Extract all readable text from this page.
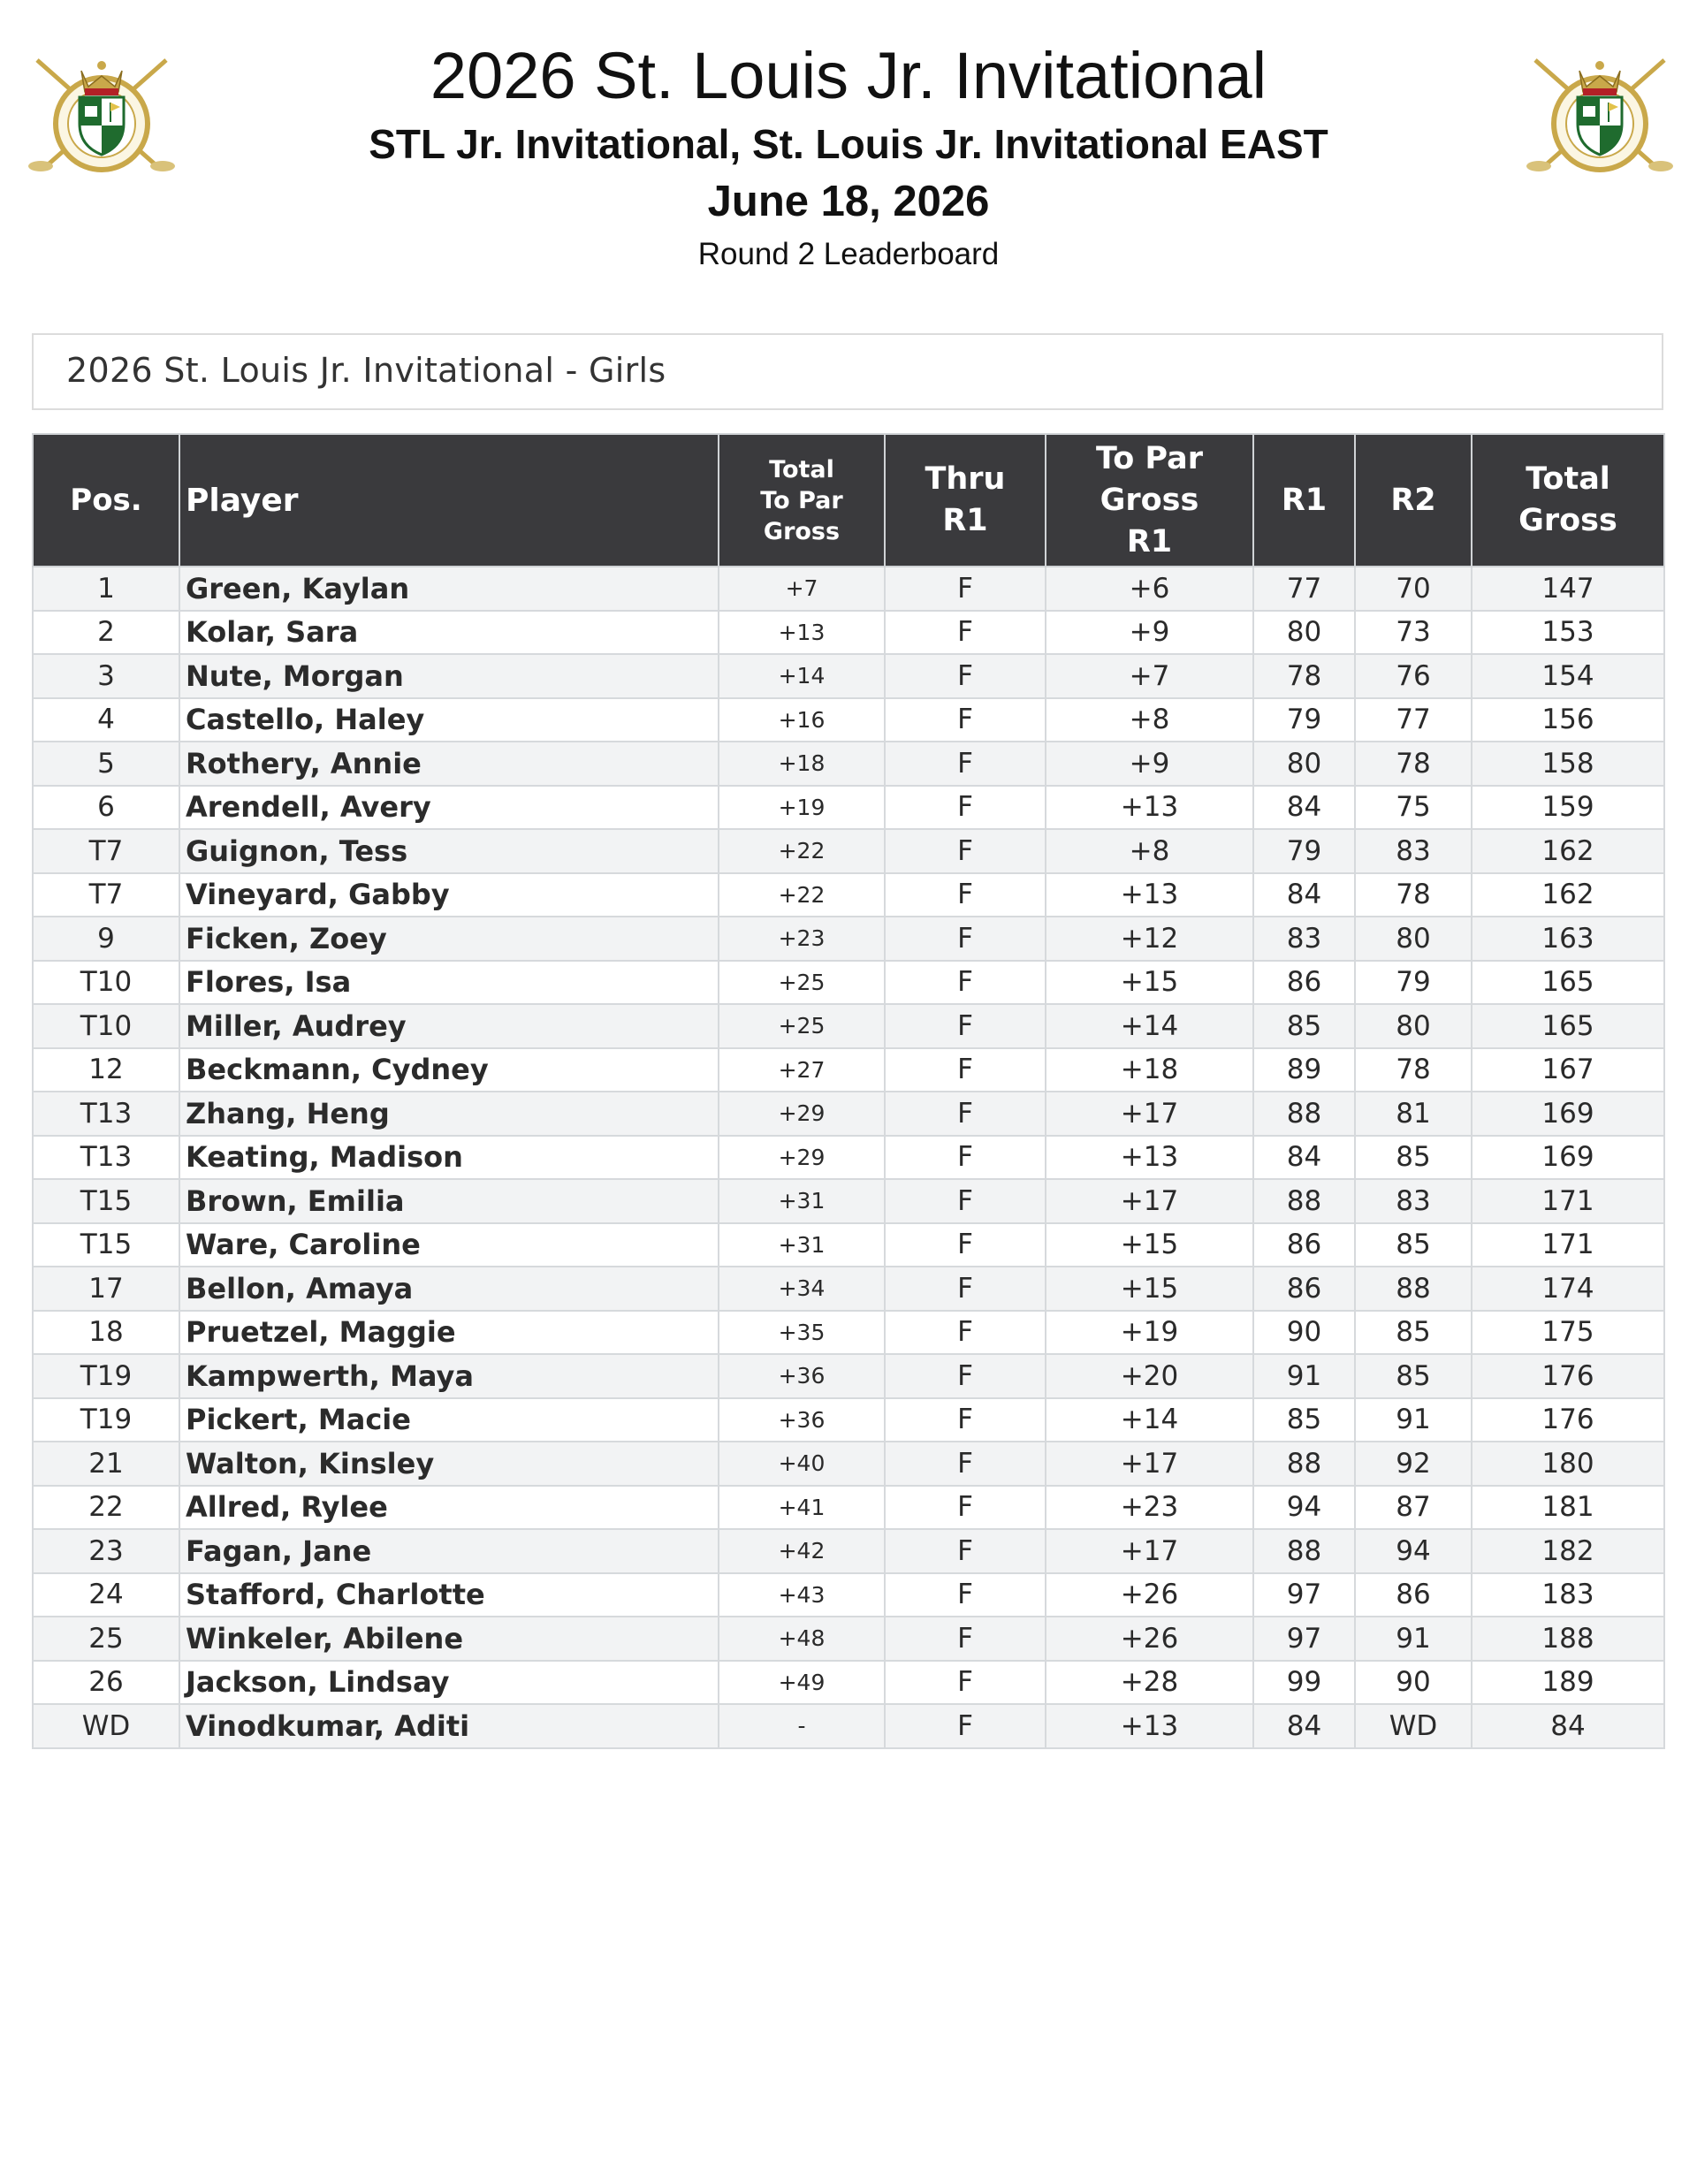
2026 St. Louis Jr. Invitational
STL Jr. Invitational, St. Louis Jr. Invitational EAST
June 18, 2026
Round 2 Leaderboard
2026 St. Louis Jr. Invitational - Girls
Pos.	Player	Total
To Par
Gross	Thru
R1	To Par
Gross
R1	R1	R2	Total
Gross

1	Green, Kaylan	+7	F	+6	77	70	147
2	Kolar, Sara	+13	F	+9	80	73	153
3	Nute, Morgan	+14	F	+7	78	76	154
4	Castello, Haley	+16	F	+8	79	77	156
5	Rothery, Annie	+18	F	+9	80	78	158
6	Arendell, Avery	+19	F	+13	84	75	159
T7	Guignon, Tess	+22	F	+8	79	83	162
T7	Vineyard, Gabby	+22	F	+13	84	78	162
9	Ficken, Zoey	+23	F	+12	83	80	163
T10	Flores, Isa	+25	F	+15	86	79	165
T10	Miller, Audrey	+25	F	+14	85	80	165
12	Beckmann, Cydney	+27	F	+18	89	78	167
T13	Zhang, Heng	+29	F	+17	88	81	169
T13	Keating, Madison	+29	F	+13	84	85	169
T15	Brown, Emilia	+31	F	+17	88	83	171
T15	Ware, Caroline	+31	F	+15	86	85	171
17	Bellon, Amaya	+34	F	+15	86	88	174
18	Pruetzel, Maggie	+35	F	+19	90	85	175
T19	Kampwerth, Maya	+36	F	+20	91	85	176
T19	Pickert, Macie	+36	F	+14	85	91	176
21	Walton, Kinsley	+40	F	+17	88	92	180
22	Allred, Rylee	+41	F	+23	94	87	181
23	Fagan, Jane	+42	F	+17	88	94	182
24	Stafford, Charlotte	+43	F	+26	97	86	183
25	Winkeler, Abilene	+48	F	+26	97	91	188
26	Jackson, Lindsay	+49	F	+28	99	90	189
WD	Vinodkumar, Aditi	-	F	+13	84	WD	84
